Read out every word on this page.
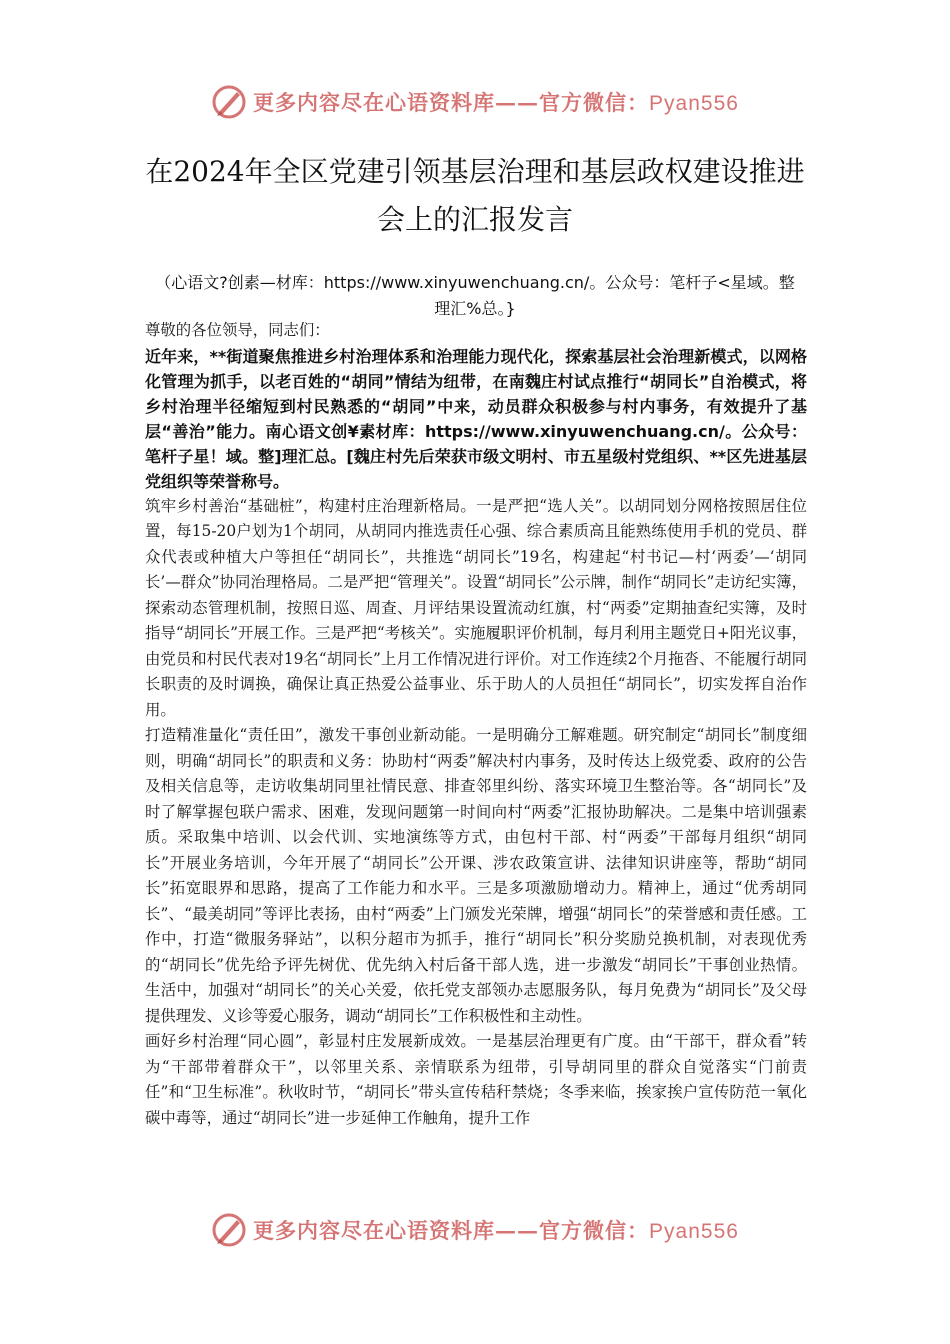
更多内容尽在心语资料库——官方微信：Pyan556
在2024年全区党建引领基层治理和基层政权建设推进会上的汇报发言
（心语文?创素—材库：https://www.xinyuwenchuang.cn/。公众号：笔杆子<星域。整理汇%总。}

尊敬的各位领导，同志们：

近年来，**街道聚焦推进乡村治理体系和治理能力现代化，探索基层社会治理新模式，以网格化管理为抓手，以老百姓的“胡同”情结为纽带，在南魏庄村试点推行“胡同长”自治模式，将乡村治理半径缩短到村民熟悉的“胡同”中来，动员群众积极参与村内事务，有效提升了基层“善治”能力。南心语文创¥素材库：https://www.xinyuwenchuang.cn/。公众号：笔杆子星！域。整]理汇总。[魏庄村先后荣获市级文明村、市五星级村党组织、**区先进基层党组织等荣誉称号。

筑牢乡村善治“基础桩”，构建村庄治理新格局。一是严把“选人关”。以胡同划分网格按照居住位置，每15-20户划为1个胡同，从胡同内推选责任心强、综合素质高且能熟练使用手机的党员、群众代表或种植大户等担任“胡同长”，共推选“胡同长”19名，构建起“村书记—村‘两委’—‘胡同长’—群众”协同治理格局。二是严把“管理关”。设置“胡同长”公示牌，制作“胡同长”走访纪实簿，探索动态管理机制，按照日巡、周查、月评结果设置流动红旗，村“两委”定期抽查纪实簿，及时指导“胡同长”开展工作。三是严把“考核关”。实施履职评价机制，每月利用主题党日+阳光议事，由党员和村民代表对19名“胡同长”上月工作情况进行评价。对工作连续2个月拖沓、不能履行胡同长职责的及时调换，确保让真正热爱公益事业、乐于助人的人员担任“胡同长”，切实发挥自治作用。

打造精准量化“责任田”，激发干事创业新动能。一是明确分工解难题。研究制定“胡同长”制度细则，明确“胡同长”的职责和义务：协助村“两委”解决村内事务，及时传达上级党委、政府的公告及相关信息等，走访收集胡同里社情民意、排查邻里纠纷、落实环境卫生整治等。各“胡同长”及时了解掌握包联户需求、困难，发现问题第一时间向村“两委”汇报协助解决。二是集中培训强素质。采取集中培训、以会代训、实地演练等方式，由包村干部、村“两委”干部每月组织“胡同长”开展业务培训，今年开展了“胡同长”公开课、涉农政策宣讲、法律知识讲座等，帮助“胡同长”拓宽眼界和思路，提高了工作能力和水平。三是多项激励增动力。精神上，通过“优秀胡同长”、“最美胡同”等评比表扬，由村“两委”上门颁发光荣牌，增强“胡同长”的荣誉感和责任感。工作中，打造“微服务驿站”，以积分超市为抓手，推行“胡同长”积分奖励兑换机制，对表现优秀的“胡同长”优先给予评先树优、优先纳入村后备干部人选，进一步激发“胡同长”干事创业热情。生活中，加强对“胡同长”的关心关爱，依托党支部领办志愿服务队，每月免费为“胡同长”及父母提供理发、义诊等爱心服务，调动“胡同长”工作积极性和主动性。

画好乡村治理“同心圆”，彰显村庄发展新成效。一是基层治理更有广度。由“干部干，群众看”转为“干部带着群众干”，以邻里关系、亲情联系为纽带，引导胡同里的群众自觉落实“门前责任”和“卫生标准”。秋收时节，“胡同长”带头宣传秸秆禁烧；冬季来临，挨家挨户宣传防范一氧化碳中毒等，通过“胡同长”进一步延伸工作触角，提升工作

更多内容尽在心语资料库——官方微信：Pyan556
